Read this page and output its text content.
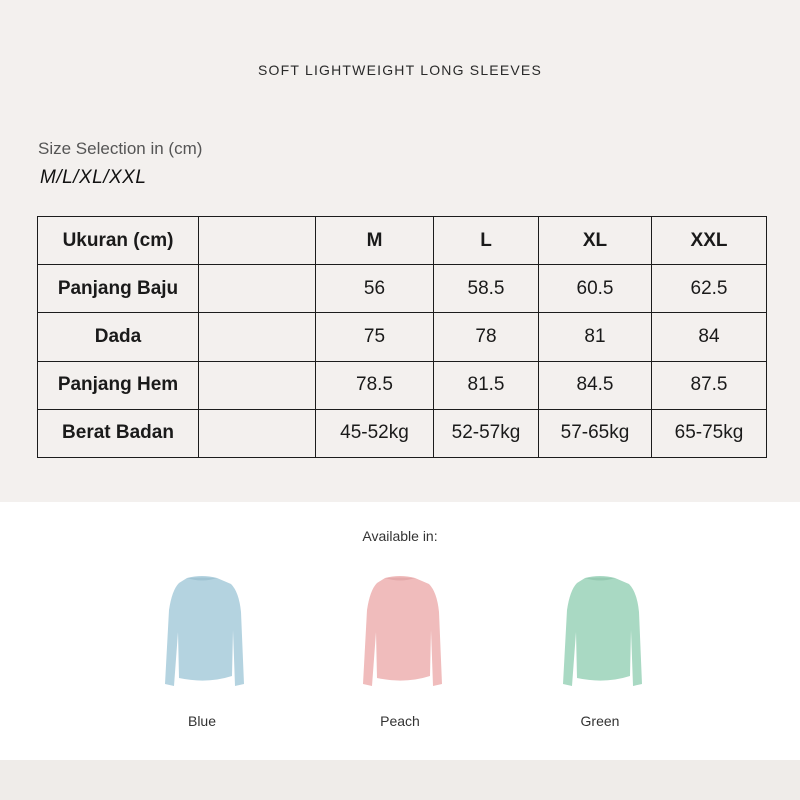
SOFT LIGHTWEIGHT LONG SLEEVES
Size Selection in (cm)
M/L/XL/XXL
Ukuran (cm)		M	L	XL	XXL
Panjang Baju		56	58.5	60.5	62.5
Dada		75	78	81	84
Panjang Hem		78.5	81.5	84.5	87.5
Berat Badan		45-52kg	52-57kg	57-65kg	65-75kg
Available in:
Blue	Peach	Green
